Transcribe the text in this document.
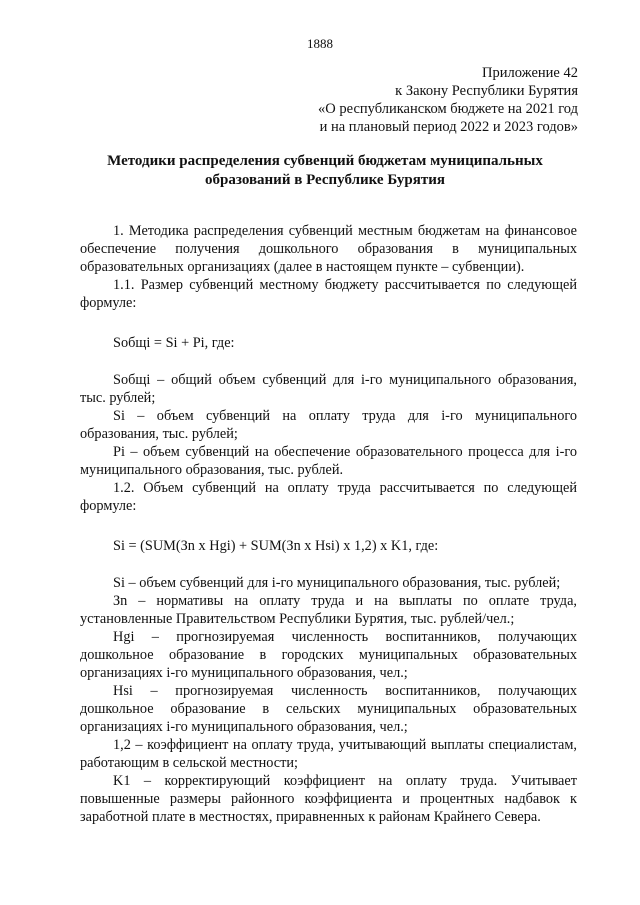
1888
Приложение 42
к Закону Республики Бурятия
«О республиканском бюджете на 2021 год
и на плановый период 2022 и 2023 годов»
Методики распределения субвенций бюджетам муниципальных
образований в Республике Бурятия

1. Методика распределения субвенций местным бюджетам на финансовое обеспечение получения дошкольного образования в муниципальных образовательных организациях (далее в настоящем пункте – субвенции).

1.1. Размер субвенций местному бюджету рассчитывается по следующей формуле:

Sобщi = Si + Pi, где:

Sобщi – общий объем субвенций для i-го муниципального образования, тыс. рублей;

Si – объем субвенций на оплату труда для i-го муниципального образования, тыс. рублей;

Pi – объем субвенций на обеспечение образовательного процесса для i-го муниципального образования, тыс. рублей.

1.2. Объем субвенций на оплату труда рассчитывается по следующей формуле:

Si = (SUM(Зn x Hgi) + SUM(Зn x Hsi) x 1,2) x K1, где:

Si – объем субвенций для i-го муниципального образования, тыс. рублей;

Зn – нормативы на оплату труда и на выплаты по оплате труда, установленные Правительством Республики Бурятия, тыс. рублей/чел.;

Hgi – прогнозируемая численность воспитанников, получающих дошкольное образование в городских муниципальных образовательных организациях i-го муниципального образования, чел.;

Hsi – прогнозируемая численность воспитанников, получающих дошкольное образование в сельских муниципальных образовательных организациях i-го муниципального образования, чел.;

1,2 – коэффициент на оплату труда, учитывающий выплаты специалистам, работающим в сельской местности;

K1 – корректирующий коэффициент на оплату труда. Учитывает повышенные размеры районного коэффициента и процентных надбавок к заработной плате в местностях, приравненных к районам Крайнего Севера.
